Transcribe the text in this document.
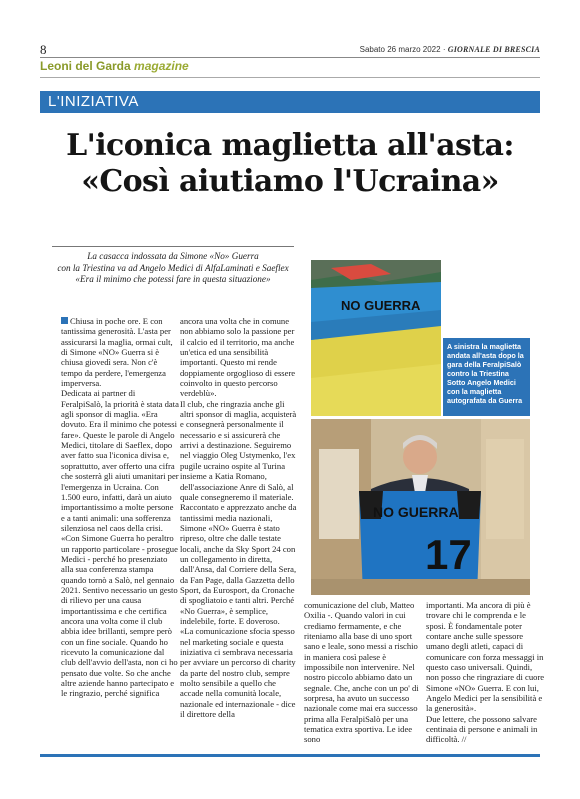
8	Sabato 26 marzo 2022 · GIORNALE DI BRESCIA
Leoni del Garda magazine
L'INIZIATIVA
L'iconica maglietta all'asta:
«Così aiutiamo l'Ucraina»
La casacca indossata da Simone «No» Guerra
con la Triestina va ad Angelo Medici di AlfaLaminati e Saeflex
«Era il minimo che potessi fare in questa situazione»
NO GUERRA
A sinistra la maglietta andata all'asta dopo la gara della FeralpiSalò contro la Triestina Sotto Angelo Medici con la maglietta autografata da Guerra
NO GUERRA
17

Chiusa in poche ore. E con tantissima generosità. L'asta per assicurarsi la maglia, ormai cult, di Simone «NO» Guerra si è chiusa giovedì sera. Non c'è tempo da perdere, l'emergenza imperversa.
Dedicata ai partner di FeralpiSalò, la priorità è stata data agli sponsor di maglia. «Era dovuto. Era il minimo che potessi fare». Queste le parole di Angelo Medici, titolare di Saeflex, dopo aver fatto sua l'iconica divisa e, soprattutto, aver offerto una cifra che sosterrà gli aiuti umanitari per l'emergenza in Ucraina. Con 1.500 euro, infatti, darà un aiuto importantissimo a molte persone e a tanti animali: una sofferenza silenziosa nel caos della crisi.
«Con Simone Guerra ho peraltro un rapporto particolare - prosegue Medici - perché ho presenziato alla sua conferenza stampa quando tornò a Salò, nel gennaio 2021. Sentivo necessario un gesto di rilievo per una causa importantissima e che certifica ancora una volta come il club abbia idee brillanti, sempre però con un fine sociale. Quando ho ricevuto la comunicazione dal club dell'avvio dell'asta, non ci ho pensato due volte. So che anche altre aziende hanno partecipato e le ringrazio, perché significa

ancora una volta che in comune non abbiamo solo la passione per il calcio ed il territorio, ma anche un'etica ed una sensibilità importanti. Questo mi rende doppiamente orgoglioso di essere coinvolto in questo percorso verdeblù».
Il club, che ringrazia anche gli altri sponsor di maglia, acquisterà e consegnerà personalmente il necessario e si assicurerà che arrivi a destinazione. Seguiremo nel viaggio Oleg Ustymenko, l'ex pugile ucraino ospite al Turina insieme a Katia Romano, dell'associazione Anre di Salò, al quale consegneremo il materiale.
Raccontato e apprezzato anche da tantissimi media nazionali, Simone «NO» Guerra è stato ripreso, oltre che dalle testate locali, anche da Sky Sport 24 con un collegamento in diretta, dall'Ansa, dal Corriere della Sera, da Fan Page, dalla Gazzetta dello Sport, da Eurosport, da Cronache di spogliatoio e tanti altri. Perché «No Guerra», è semplice, indelebile, forte. E doveroso.
«La comunicazione sfocia spesso nel marketing sociale e questa iniziativa ci sembrava necessaria per avviare un percorso di charity da parte del nostro club, sempre molto sensibile a quello che accade nella comunità locale, nazionale ed internazionale - dice il direttore della

comunicazione del club, Matteo Oxilia -. Quando valori in cui crediamo fermamente, e che riteniamo alla base di uno sport sano e leale, sono messi a rischio in maniera così palese è impossibile non intervenire. Nel nostro piccolo abbiamo dato un segnale. Che, anche con un po' di sorpresa, ha avuto un successo nazionale come mai era successo prima alla FeralpiSalò per una tematica extra sportiva. Le idee sono

importanti. Ma ancora di più è trovare chi le comprenda e le sposi. È fondamentale poter contare anche sulle spessore umano degli atleti, capaci di comunicare con forza messaggi in questo caso universali. Quindi, non posso che ringraziare di cuore Simone «NO» Guerra. E con lui, Angelo Medici per la sensibilità e la generosità».
Due lettere, che possono salvare centinaia di persone e animali in difficoltà. //
